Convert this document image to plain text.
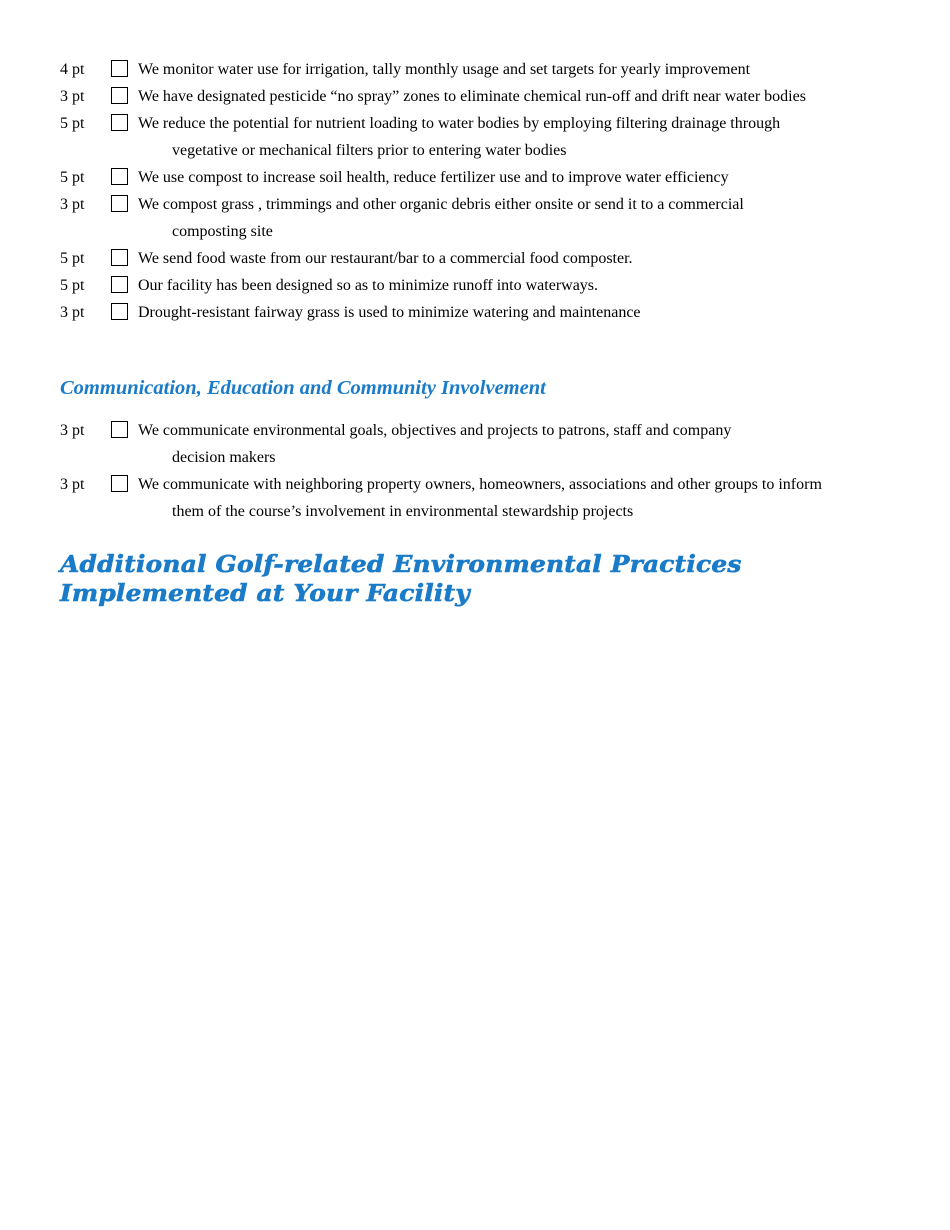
4 pt	We monitor water use for irrigation, tally monthly usage and set targets for yearly improvement
3 pt	We have designated pesticide “no spray” zones to eliminate chemical run-off and drift near water bodies
5 pt	We reduce the potential for nutrient loading to water bodies by employing filtering drainage through
vegetative or mechanical filters prior to entering water bodies
5 pt	We use compost to increase soil health, reduce fertilizer use and to improve water efficiency
3 pt	We compost grass , trimmings and other organic debris either onsite or send it to a commercial
composting site
5 pt	We send food waste from our restaurant/bar to a commercial food composter.
5 pt	Our facility has been designed so as to minimize runoff into waterways.
3 pt	Drought-resistant fairway grass is used to minimize watering and maintenance
Communication, Education and Community Involvement
3 pt	We communicate environmental goals, objectives and projects to patrons, staff and company
decision makers
3 pt	We communicate with neighboring property owners, homeowners, associations and other groups to inform
them of the course’s involvement in environmental stewardship projects
Additional Golf-related Environmental Practices
Implemented at Your Facility
